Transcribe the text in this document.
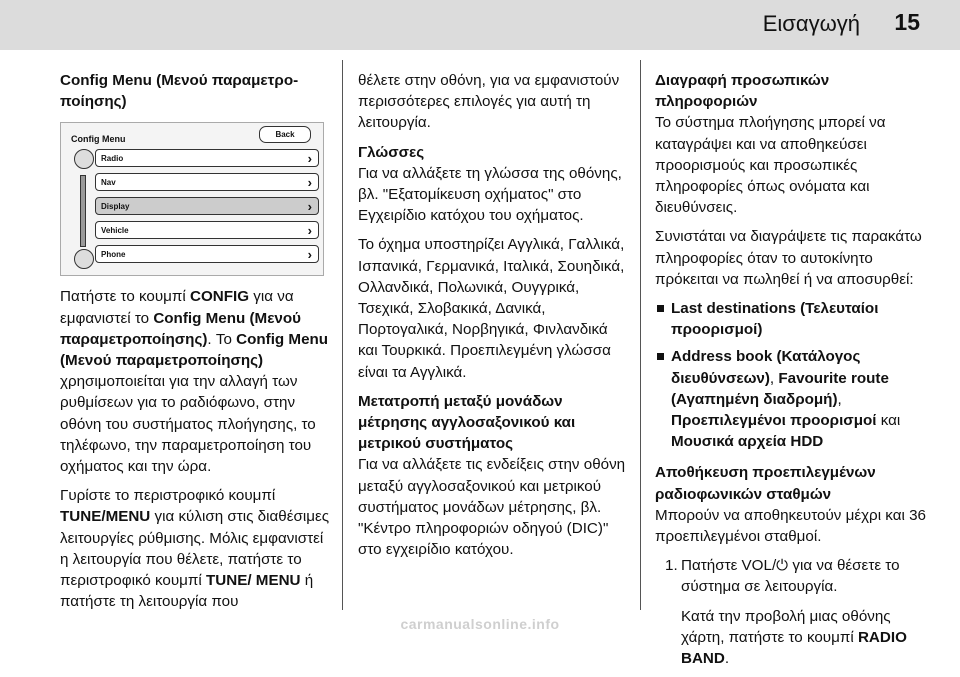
Εισαγωγή 15
Config Menu (Μενού παραμετρο-
ποίησης)
Config Menu	Back
Radio	›
Nav	›
Display	›
Vehicle	›
Phone	›

Πατήστε το κουμπί CONFIG για να εμφανιστεί το Config Menu (Μενού παραμετροποίησης). Το Config Menu (Μενού παραμετροποίησης) χρησιμοποιείται για την αλλαγή των ρυθμίσεων για το ραδιόφωνο, στην οθόνη του συστήματος πλοήγησης, το τηλέφωνο, την παραμετροποίηση του οχήματος και την ώρα.

Γυρίστε το περιστροφικό κουμπί TUNE/MENU για κύλιση στις διαθέσιμες λειτουργίες ρύθμισης. Μόλις εμφανιστεί η λειτουργία που θέλετε, πατήστε το περιστροφικό κουμπί TUNE/ MENU ή πατήστε τη λειτουργία που

θέλετε στην οθόνη, για να εμφανιστούν περισσότερες επιλογές για αυτή τη λειτουργία.

Γλώσσες

Για να αλλάξετε τη γλώσσα της οθόνης, βλ. "Εξατομίκευση οχήματος" στο Εγχειρίδιο κατόχου του οχήματος.

Το όχημα υποστηρίζει Αγγλικά, Γαλλικά, Ισπανικά, Γερμανικά, Ιταλικά, Σουηδικά, Ολλανδικά, Πολωνικά, Ουγγρικά, Τσεχικά, Σλοβακικά, Δανικά, Πορτογαλικά, Νορβηγικά, Φινλανδικά και Τουρκικά. Προεπιλεγμένη γλώσσα είναι τα Αγγλικά.

Μετατροπή μεταξύ μονάδων
μέτρησης αγγλοσαξονικού και
μετρικού συστήματος

Για να αλλάξετε τις ενδείξεις στην οθόνη μεταξύ αγγλοσαξονικού και μετρικού συστήματος μονάδων μέτρησης, βλ. "Κέντρο πληροφοριών οδηγού (DIC)" στο εγχειρίδιο κατόχου.

Διαγραφή προσωπικών
πληροφοριών

Το σύστημα πλοήγησης μπορεί να καταγράψει και να αποθηκεύσει προορισμούς και προσωπικές πληροφορίες όπως ονόματα και διευθύνσεις.

Συνιστάται να διαγράψετε τις παρακάτω πληροφορίες όταν το αυτοκίνητο πρόκειται να πωληθεί ή να αποσυρθεί:

Last destinations (Τελευταίοι προορισμοί)
Address book (Κατάλογος διευθύνσεων), Favourite route (Αγαπημένη διαδρομή), Προεπιλεγμένοι προορισμοί και Μουσικά αρχεία HDD
Αποθήκευση προεπιλεγμένων
ραδιοφωνικών σταθμών

Μπορούν να αποθηκευτούν μέχρι και 36 προεπιλεγμένοι σταθμοί.

1. Πατήστε VOL/⏻ για να θέσετε το σύστημα σε λειτουργία.

Κατά την προβολή μιας οθόνης χάρτη, πατήστε το κουμπί RADIO BAND.

carmanualsonline.info
